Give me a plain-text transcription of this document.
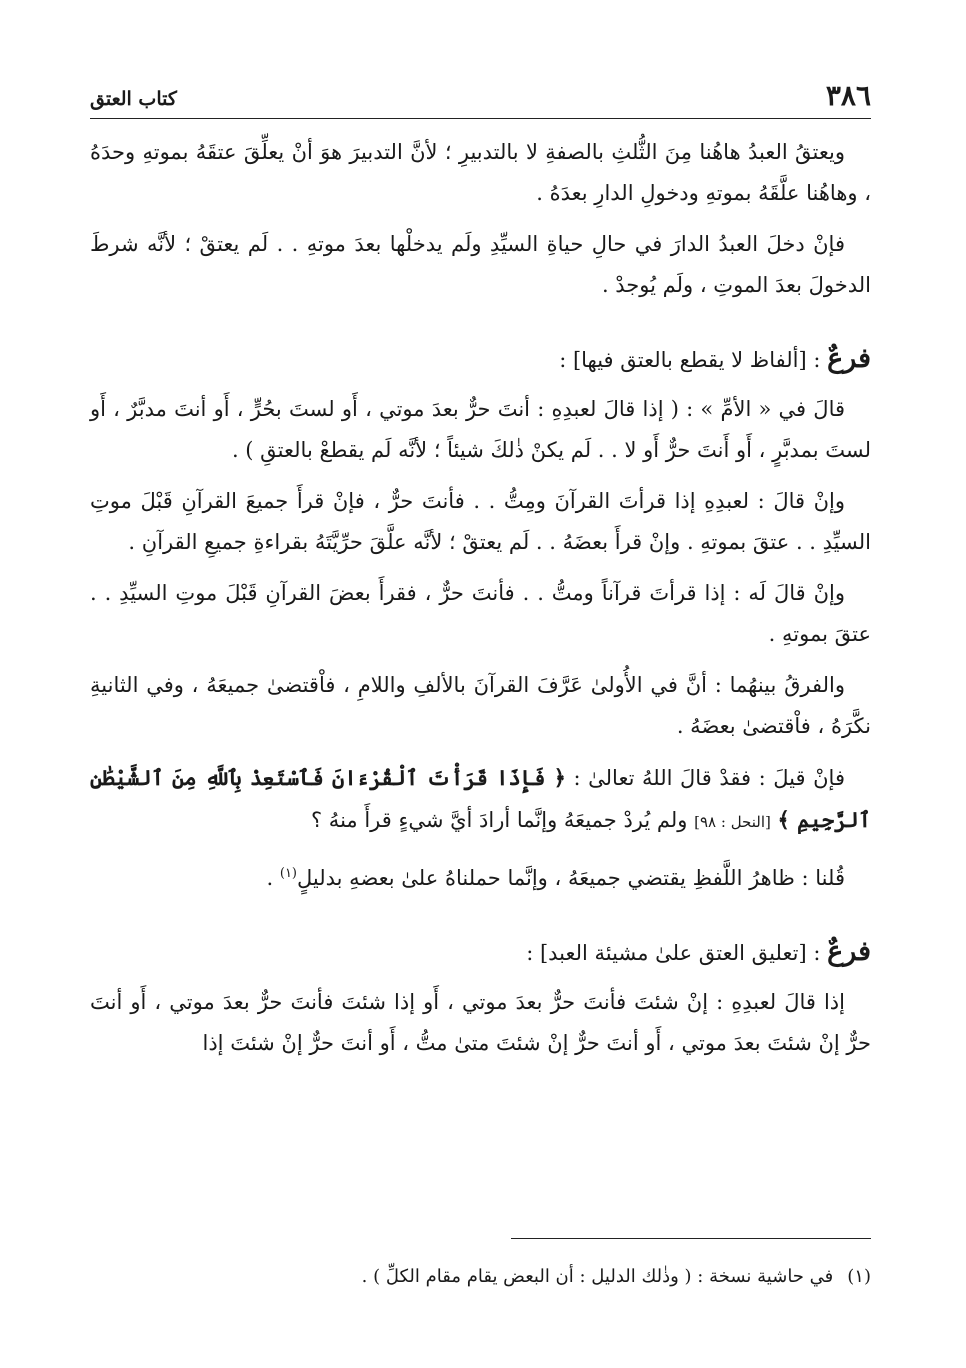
٣٨٦
كتاب العتق

ويعتقُ العبدُ هاهُنا مِنَ الثُّلثِ بالصفةِ لا بالتدبيرِ ؛ لأنَّ التدبيرَ هوَ أنْ يعلِّقَ عتقَهُ بموتهِ وحدَهُ ، وهاهُنا علَّقَهُ بموتهِ ودخولِ الدارِ بعدَهُ .

فإنْ دخلَ العبدُ الدارَ في حالِ حياةِ السيِّدِ ولَم يدخلْها بعدَ موتهِ . . لَم يعتقْ ؛ لأنَّه شرطَ الدخولَ بعدَ الموتِ ، ولَم يُوجدْ .

فرعٌ : [ألفاظ لا يقطع بالعتق فيها] :

قالَ في « الأمِّ » : ( إذا قالَ لعبدِهِ : أنتَ حرٌّ بعدَ موتي ، أَو لستَ بحُرٍّ ، أَو أنتَ مدبَّرٌ ، أَو لستَ بمدبَّرٍ ، أَو أَنتَ حرٌّ أَو لا . . لَم يكنْ ذٰلكَ شيئاً ؛ لأنَّه لَم يقطعْ بالعتقِ ) .

وإنْ قالَ : لعبدِهِ إذا قرأتَ القرآنَ ومِتُّ . . فأنتَ حرٌّ ، فإنْ قرأَ جميعَ القرآنِ قَبْلَ موتِ السيِّدِ . . عتقَ بموتهِ . وإنْ قرأَ بعضَهُ . . لَم يعتقْ ؛ لأنَّه علَّقَ حرِّيَّتَهُ بقراءةِ جميعِ القرآنِ .

وإنْ قالَ لَه : إذا قرأتَ قرآناً ومتُّ . . فأنتَ حرٌّ ، فقرأَ بعضَ القرآنِ قَبْلَ موتِ السيِّدِ . . عتقَ بموتهِ .

والفرقُ بينهُما : أنَّ في الأُولىٰ عَرَّفَ القرآنَ بالألفِ واللامِ ، فاْقتضىٰ جميعَهُ ، وفي الثانيةِ نكَّرَهُ ، فاْقتضىٰ بعضَهُ .

فإنْ قيلَ : فقدْ قالَ اللهُ تعالىٰ : ﴿ فَإِذَا قَرَأْتَ ٱلْقُرْءَانَ فَٱسْتَعِذْ بِٱللَّهِ مِنَ ٱلشَّيْطَٰنِ ٱلرَّجِيمِ ﴾ [النحل : ٩٨] ولم يُردْ جميعَهُ وإنَّما أرادَ أيَّ شيءٍ قرأَ منهُ ؟

قُلنا : ظاهرُ اللَّفظِ يقتضي جميعَهُ ، وإنَّما حملناهُ علىٰ بعضهِ بدليلٍ$^{(١)}$ .

فرعٌ : [تعليق العتق علىٰ مشيئة العبد] :

إذا قالَ لعبدِهِ : إنْ شئتَ فأنتَ حرٌّ بعدَ موتي ، أَو إذا شئتَ فأنتَ حرٌّ بعدَ موتي ، أَو أنتَ حرٌّ إنْ شئتَ بعدَ موتي ، أَو أنتَ حرٌّ إنْ شئتَ متىٰ متُّ ، أَو أنتَ حرٌّ إنْ شئتَ إذا

(١)في حاشية نسخة : ( وذٰلك الدليل : أن البعض يقام مقام الكلِّ ) .
